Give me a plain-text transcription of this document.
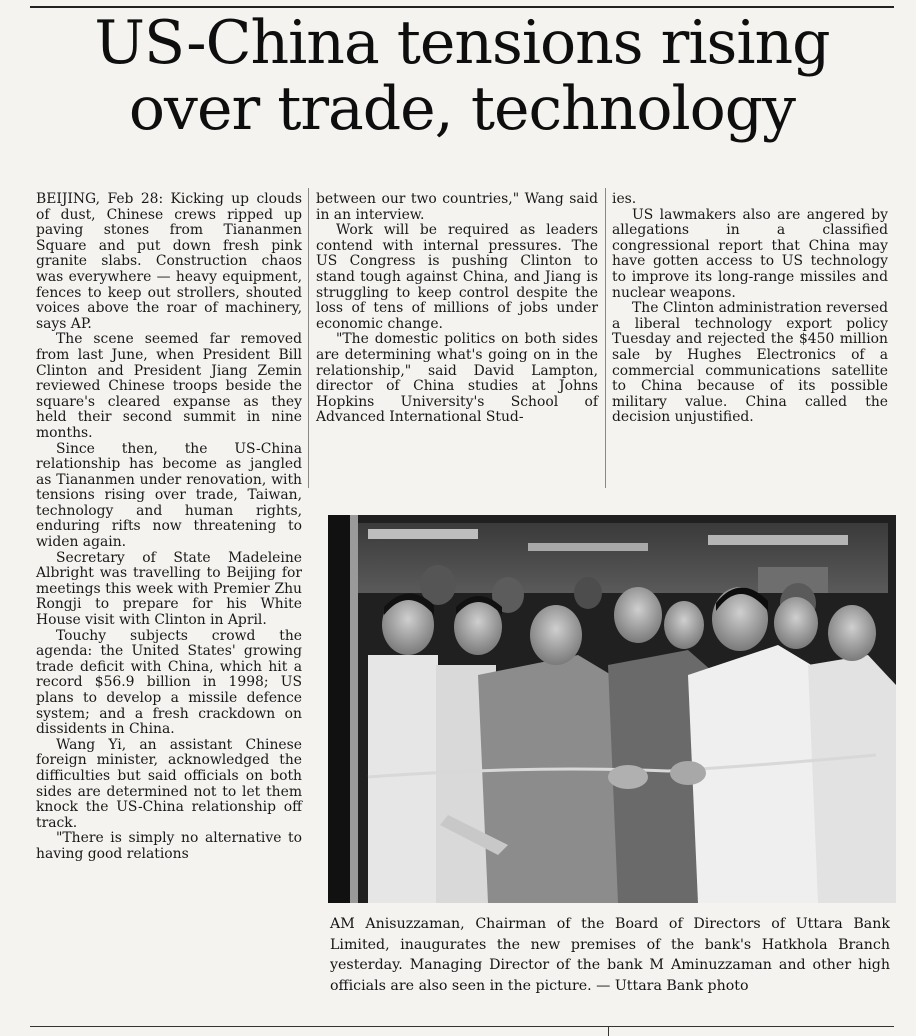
US-China tensions rising over trade, technology

BEIJING, Feb 28: Kicking up clouds of dust, Chinese crews ripped up paving stones from Tiananmen Square and put down fresh pink granite slabs. Construction chaos was everywhere — heavy equipment, fences to keep out strollers, shouted voices above the roar of machinery, says AP.

The scene seemed far removed from last June, when President Bill Clinton and President Jiang Zemin reviewed Chinese troops beside the square's cleared expanse as they held their second summit in nine months.

Since then, the US-China relationship has become as jangled as Tiananmen under renovation, with tensions rising over trade, Taiwan, technology and human rights, enduring rifts now threatening to widen again.

Secretary of State Madeleine Albright was travelling to Beijing for meetings this week with Premier Zhu Rongji to prepare for his White House visit with Clinton in April.

Touchy subjects crowd the agenda: the United States' growing trade deficit with China, which hit a record $56.9 billion in 1998; US plans to develop a missile defence system; and a fresh crackdown on dissidents in China.

Wang Yi, an assistant Chinese foreign minister, acknowledged the difficulties but said officials on both sides are determined not to let them knock the US-China relationship off track.

"There is simply no alternative to having good relations

between our two countries," Wang said in an interview.

Work will be required as leaders contend with internal pressures. The US Congress is pushing Clinton to stand tough against China, and Jiang is struggling to keep control despite the loss of tens of millions of jobs under economic change.

"The domestic politics on both sides are determining what's going on in the relationship," said David Lampton, director of China studies at Johns Hopkins University's School of Advanced International Stud-

ies.

US lawmakers also are angered by allegations in a classified congressional report that China may have gotten access to US technology to improve its long-range missiles and nuclear weapons.

The Clinton administration reversed a liberal technology export policy Tuesday and rejected the $450 million sale by Hughes Electronics of a commercial communications satellite to China because of its possible military value. China called the decision unjustified.

AM Anisuzzaman, Chairman of the Board of Directors of Uttara Bank Limited, inaugurates the new premises of the bank's Hatkhola Branch yesterday. Managing Director of the bank M Aminuzzaman and other high officials are also seen in the picture. — Uttara Bank photo
